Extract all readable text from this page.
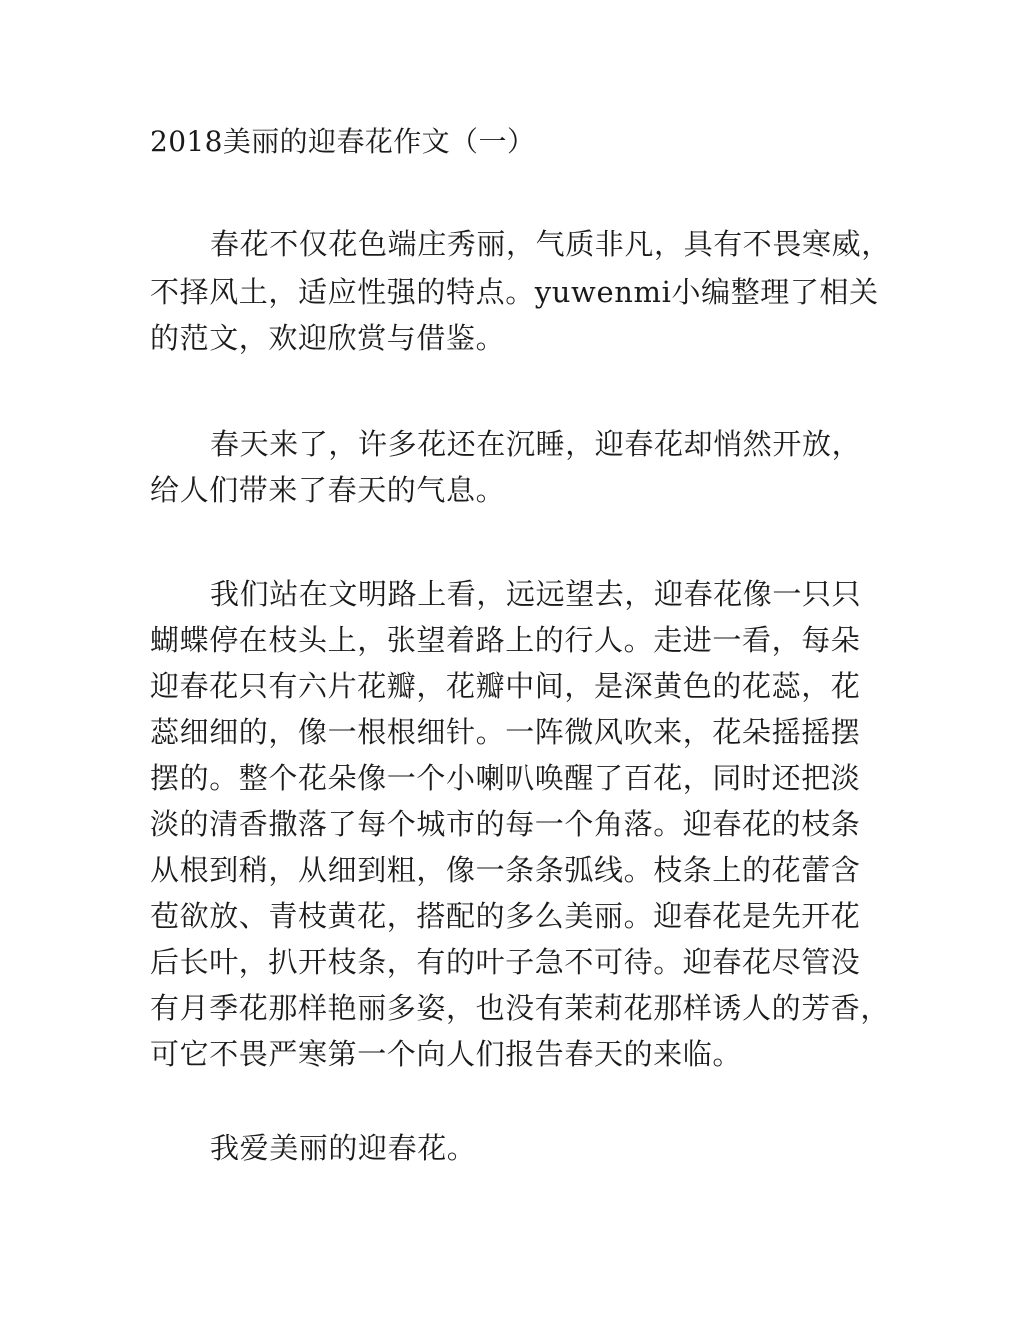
2018美丽的迎春花作文（一）
春花不仅花色端庄秀丽，气质非凡，具有不畏寒威，
不择风土，适应性强的特点。yuwenmi小编整理了相关
的范文，欢迎欣赏与借鉴。
春天来了，许多花还在沉睡，迎春花却悄然开放，
给人们带来了春天的气息。
我们站在文明路上看，远远望去，迎春花像一只只
蝴蝶停在枝头上，张望着路上的行人。走进一看，每朵
迎春花只有六片花瓣，花瓣中间，是深黄色的花蕊，花
蕊细细的，像一根根细针。一阵微风吹来，花朵摇摇摆
摆的。整个花朵像一个小喇叭唤醒了百花，同时还把淡
淡的清香撒落了每个城市的每一个角落。迎春花的枝条
从根到稍，从细到粗，像一条条弧线。枝条上的花蕾含
苞欲放、青枝黄花，搭配的多么美丽。迎春花是先开花
后长叶，扒开枝条，有的叶子急不可待。迎春花尽管没
有月季花那样艳丽多姿，也没有茉莉花那样诱人的芳香，
可它不畏严寒第一个向人们报告春天的来临。
我爱美丽的迎春花。
